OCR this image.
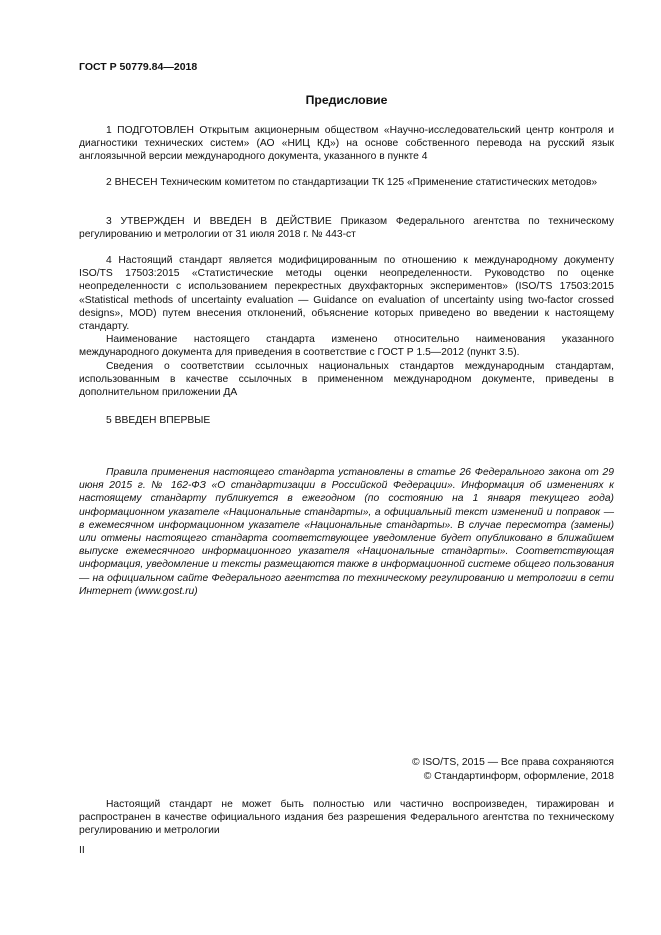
ГОСТ Р 50779.84—2018
Предисловие

1 ПОДГОТОВЛЕН Открытым акционерным обществом «Научно-исследовательский центр контроля и диагностики технических систем» (АО «НИЦ КД») на основе собственного перевода на русский язык англоязычной версии международного документа, указанного в пункте 4

2 ВНЕСЕН Техническим комитетом по стандартизации ТК 125 «Применение статистических методов»

3 УТВЕРЖДЕН И ВВЕДЕН В ДЕЙСТВИЕ Приказом Федерального агентства по техническому регулированию и метрологии от 31 июля 2018 г. № 443-ст

4 Настоящий стандарт является модифицированным по отношению к международному документу ISO/TS 17503:2015 «Статистические методы оценки неопределенности. Руководство по оценке неопределенности с использованием перекрестных двухфакторных экспериментов» (ISO/TS 17503:2015 «Statistical methods of uncertainty evaluation — Guidance on evaluation of uncertainty using two-factor crossed designs», MOD) путем внесения отклонений, объяснение которых приведено во введении к настоящему стандарту.

Наименование настоящего стандарта изменено относительно наименования указанного международного документа для приведения в соответствие с ГОСТ Р 1.5—2012 (пункт 3.5).

Сведения о соответствии ссылочных национальных стандартов международным стандартам, использованным в качестве ссылочных в примененном международном документе, приведены в дополнительном приложении ДА

5 ВВЕДЕН ВПЕРВЫЕ

Правила применения настоящего стандарта установлены в статье 26 Федерального закона от 29 июня 2015 г. № 162-ФЗ «О стандартизации в Российской Федерации». Информация об изменениях к настоящему стандарту публикуется в ежегодном (по состоянию на 1 января текущего года) информационном указателе «Национальные стандарты», а официальный текст изменений и поправок — в ежемесячном информационном указателе «Национальные стандарты». В случае пересмотра (замены) или отмены настоящего стандарта соответствующее уведомление будет опубликовано в ближайшем выпуске ежемесячного информационного указателя «Национальные стандарты». Соответствующая информация, уведомление и тексты размещаются также в информационной системе общего пользования — на официальном сайте Федерального агентства по техническому регулированию и метрологии в сети Интернет (www.gost.ru)

© ISO/TS, 2015 — Все права сохраняются
© Стандартинформ, оформление, 2018

Настоящий стандарт не может быть полностью или частично воспроизведен, тиражирован и распространен в качестве официального издания без разрешения Федерального агентства по техническому регулированию и метрологии

II
